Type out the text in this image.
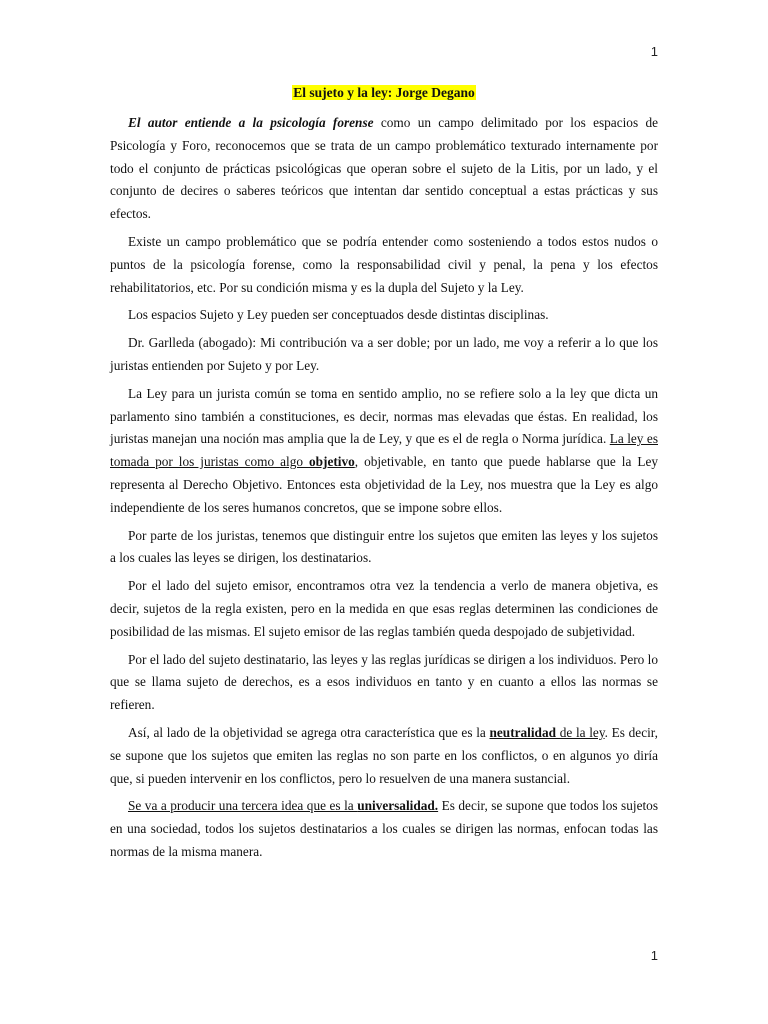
1
El sujeto y la ley: Jorge Degano

El autor entiende a la psicología forense como un campo delimitado por los espacios de Psicología y Foro, reconocemos que se trata de un campo problemático texturado internamente por todo el conjunto de prácticas psicológicas que operan sobre el sujeto de la Litis, por un lado, y el conjunto de decires o saberes teóricos que intentan dar sentido conceptual a estas prácticas y sus efectos.

Existe un campo problemático que se podría entender como sosteniendo a todos estos nudos o puntos de la psicología forense, como la responsabilidad civil y penal, la pena y los efectos rehabilitatorios, etc. Por su condición misma y es la dupla del Sujeto y la Ley.

Los espacios Sujeto y Ley pueden ser conceptuados desde distintas disciplinas.

Dr. Garlleda (abogado): Mi contribución va a ser doble; por un lado, me voy a referir a lo que los juristas entienden por Sujeto y por Ley.

La Ley para un jurista común se toma en sentido amplio, no se refiere solo a la ley que dicta un parlamento sino también a constituciones, es decir, normas mas elevadas que éstas. En realidad, los juristas manejan una noción mas amplia que la de Ley, y que es el de regla o Norma jurídica. La ley es tomada por los juristas como algo objetivo, objetivable, en tanto que puede hablarse que la Ley representa al Derecho Objetivo. Entonces esta objetividad de la Ley, nos muestra que la Ley es algo independiente de los seres humanos concretos, que se impone sobre ellos.

Por parte de los juristas, tenemos que distinguir entre los sujetos que emiten las leyes y los sujetos a los cuales las leyes se dirigen, los destinatarios.

Por el lado del sujeto emisor, encontramos otra vez la tendencia a verlo de manera objetiva, es decir, sujetos de la regla existen, pero en la medida en que esas reglas determinen las condiciones de posibilidad de las mismas. El sujeto emisor de las reglas también queda despojado de subjetividad.

Por el lado del sujeto destinatario, las leyes y las reglas jurídicas se dirigen a los individuos. Pero lo que se llama sujeto de derechos, es a esos individuos en tanto y en cuanto a ellos las normas se refieren.

Así, al lado de la objetividad se agrega otra característica que es la neutralidad de la ley. Es decir, se supone que los sujetos que emiten las reglas no son parte en los conflictos, o en algunos yo diría que, si pueden intervenir en los conflictos, pero lo resuelven de una manera sustancial.

Se va a producir una tercera idea que es la universalidad. Es decir, se supone que todos los sujetos en una sociedad, todos los sujetos destinatarios a los cuales se dirigen las normas, enfocan todas las normas de la misma manera.

1
